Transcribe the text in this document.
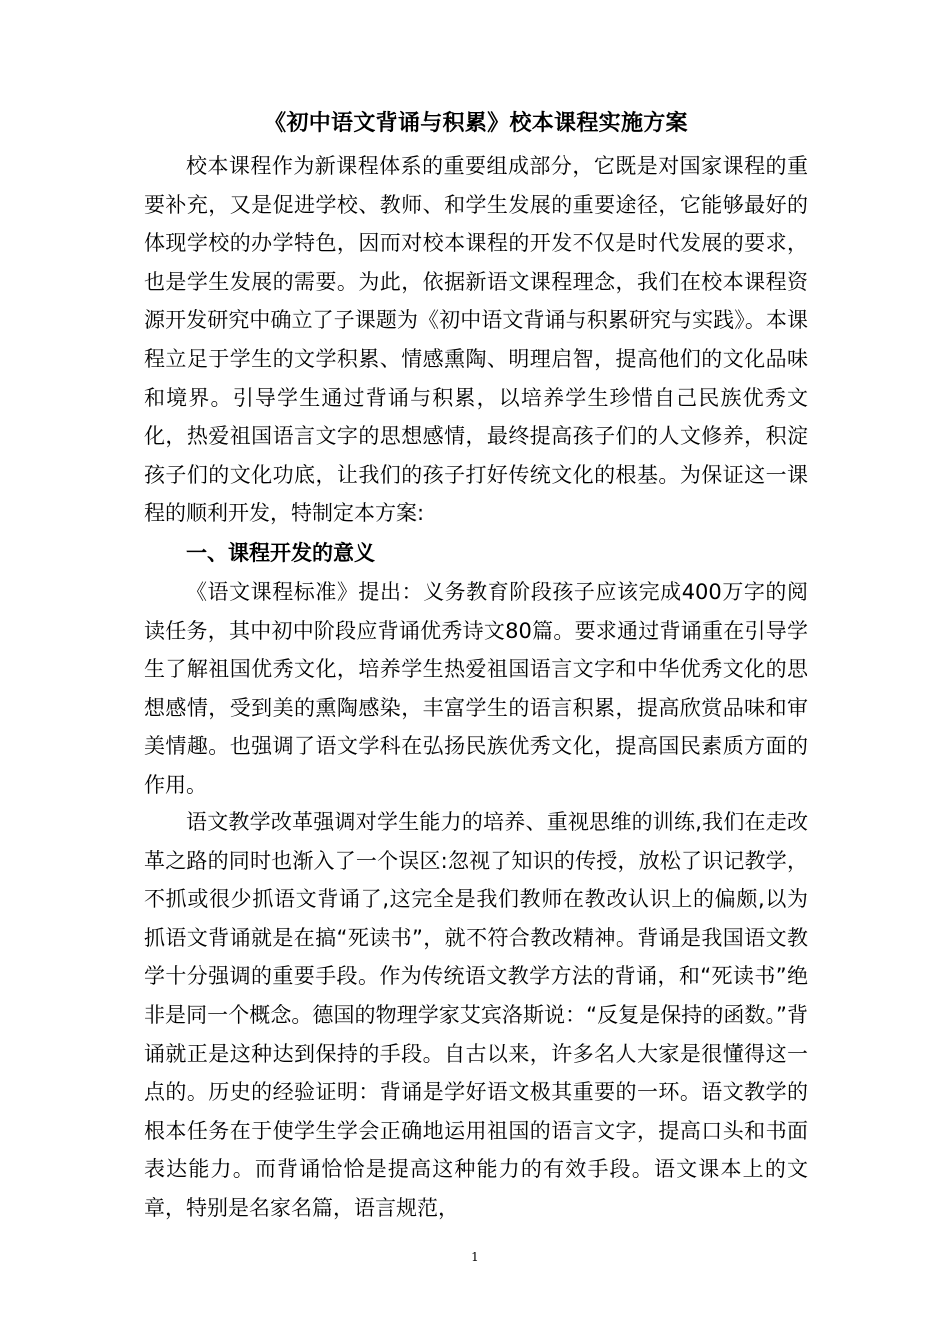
《初中语文背诵与积累》校本课程实施方案

校本课程作为新课程体系的重要组成部分，它既是对国家课程的重要补充，又是促进学校、教师、和学生发展的重要途径，它能够最好的体现学校的办学特色，因而对校本课程的开发不仅是时代发展的要求，也是学生发展的需要。为此，依据新语文课程理念，我们在校本课程资源开发研究中确立了子课题为《初中语文背诵与积累研究与实践》。本课程立足于学生的文学积累、情感熏陶、明理启智，提高他们的文化品味和境界。引导学生通过背诵与积累，以培养学生珍惜自己民族优秀文化，热爱祖国语言文字的思想感情，最终提高孩子们的人文修养，积淀孩子们的文化功底，让我们的孩子打好传统文化的根基。为保证这一课程的顺利开发，特制定本方案:

一、课程开发的意义

《语文课程标准》提出：义务教育阶段孩子应该完成400万字的阅读任务，其中初中阶段应背诵优秀诗文80篇。要求通过背诵重在引导学生了解祖国优秀文化，培养学生热爱祖国语言文字和中华优秀文化的思想感情，受到美的熏陶感染，丰富学生的语言积累，提高欣赏品味和审美情趣。也强调了语文学科在弘扬民族优秀文化，提高国民素质方面的作用。

语文教学改革强调对学生能力的培养、重视思维的训练,我们在走改革之路的同时也渐入了一个误区:忽视了知识的传授，放松了识记教学，不抓或很少抓语文背诵了,这完全是我们教师在教改认识上的偏颇,以为抓语文背诵就是在搞“死读书”，就不符合教改精神。背诵是我国语文教学十分强调的重要手段。作为传统语文教学方法的背诵，和“死读书”绝非是同一个概念。德国的物理学家艾宾洛斯说：“反复是保持的函数。”背诵就正是这种达到保持的手段。自古以来，许多名人大家是很懂得这一点的。历史的经验证明：背诵是学好语文极其重要的一环。语文教学的根本任务在于使学生学会正确地运用祖国的语言文字，提高口头和书面表达能力。而背诵恰恰是提高这种能力的有效手段。语文课本上的文章，特别是名家名篇，语言规范，

1
